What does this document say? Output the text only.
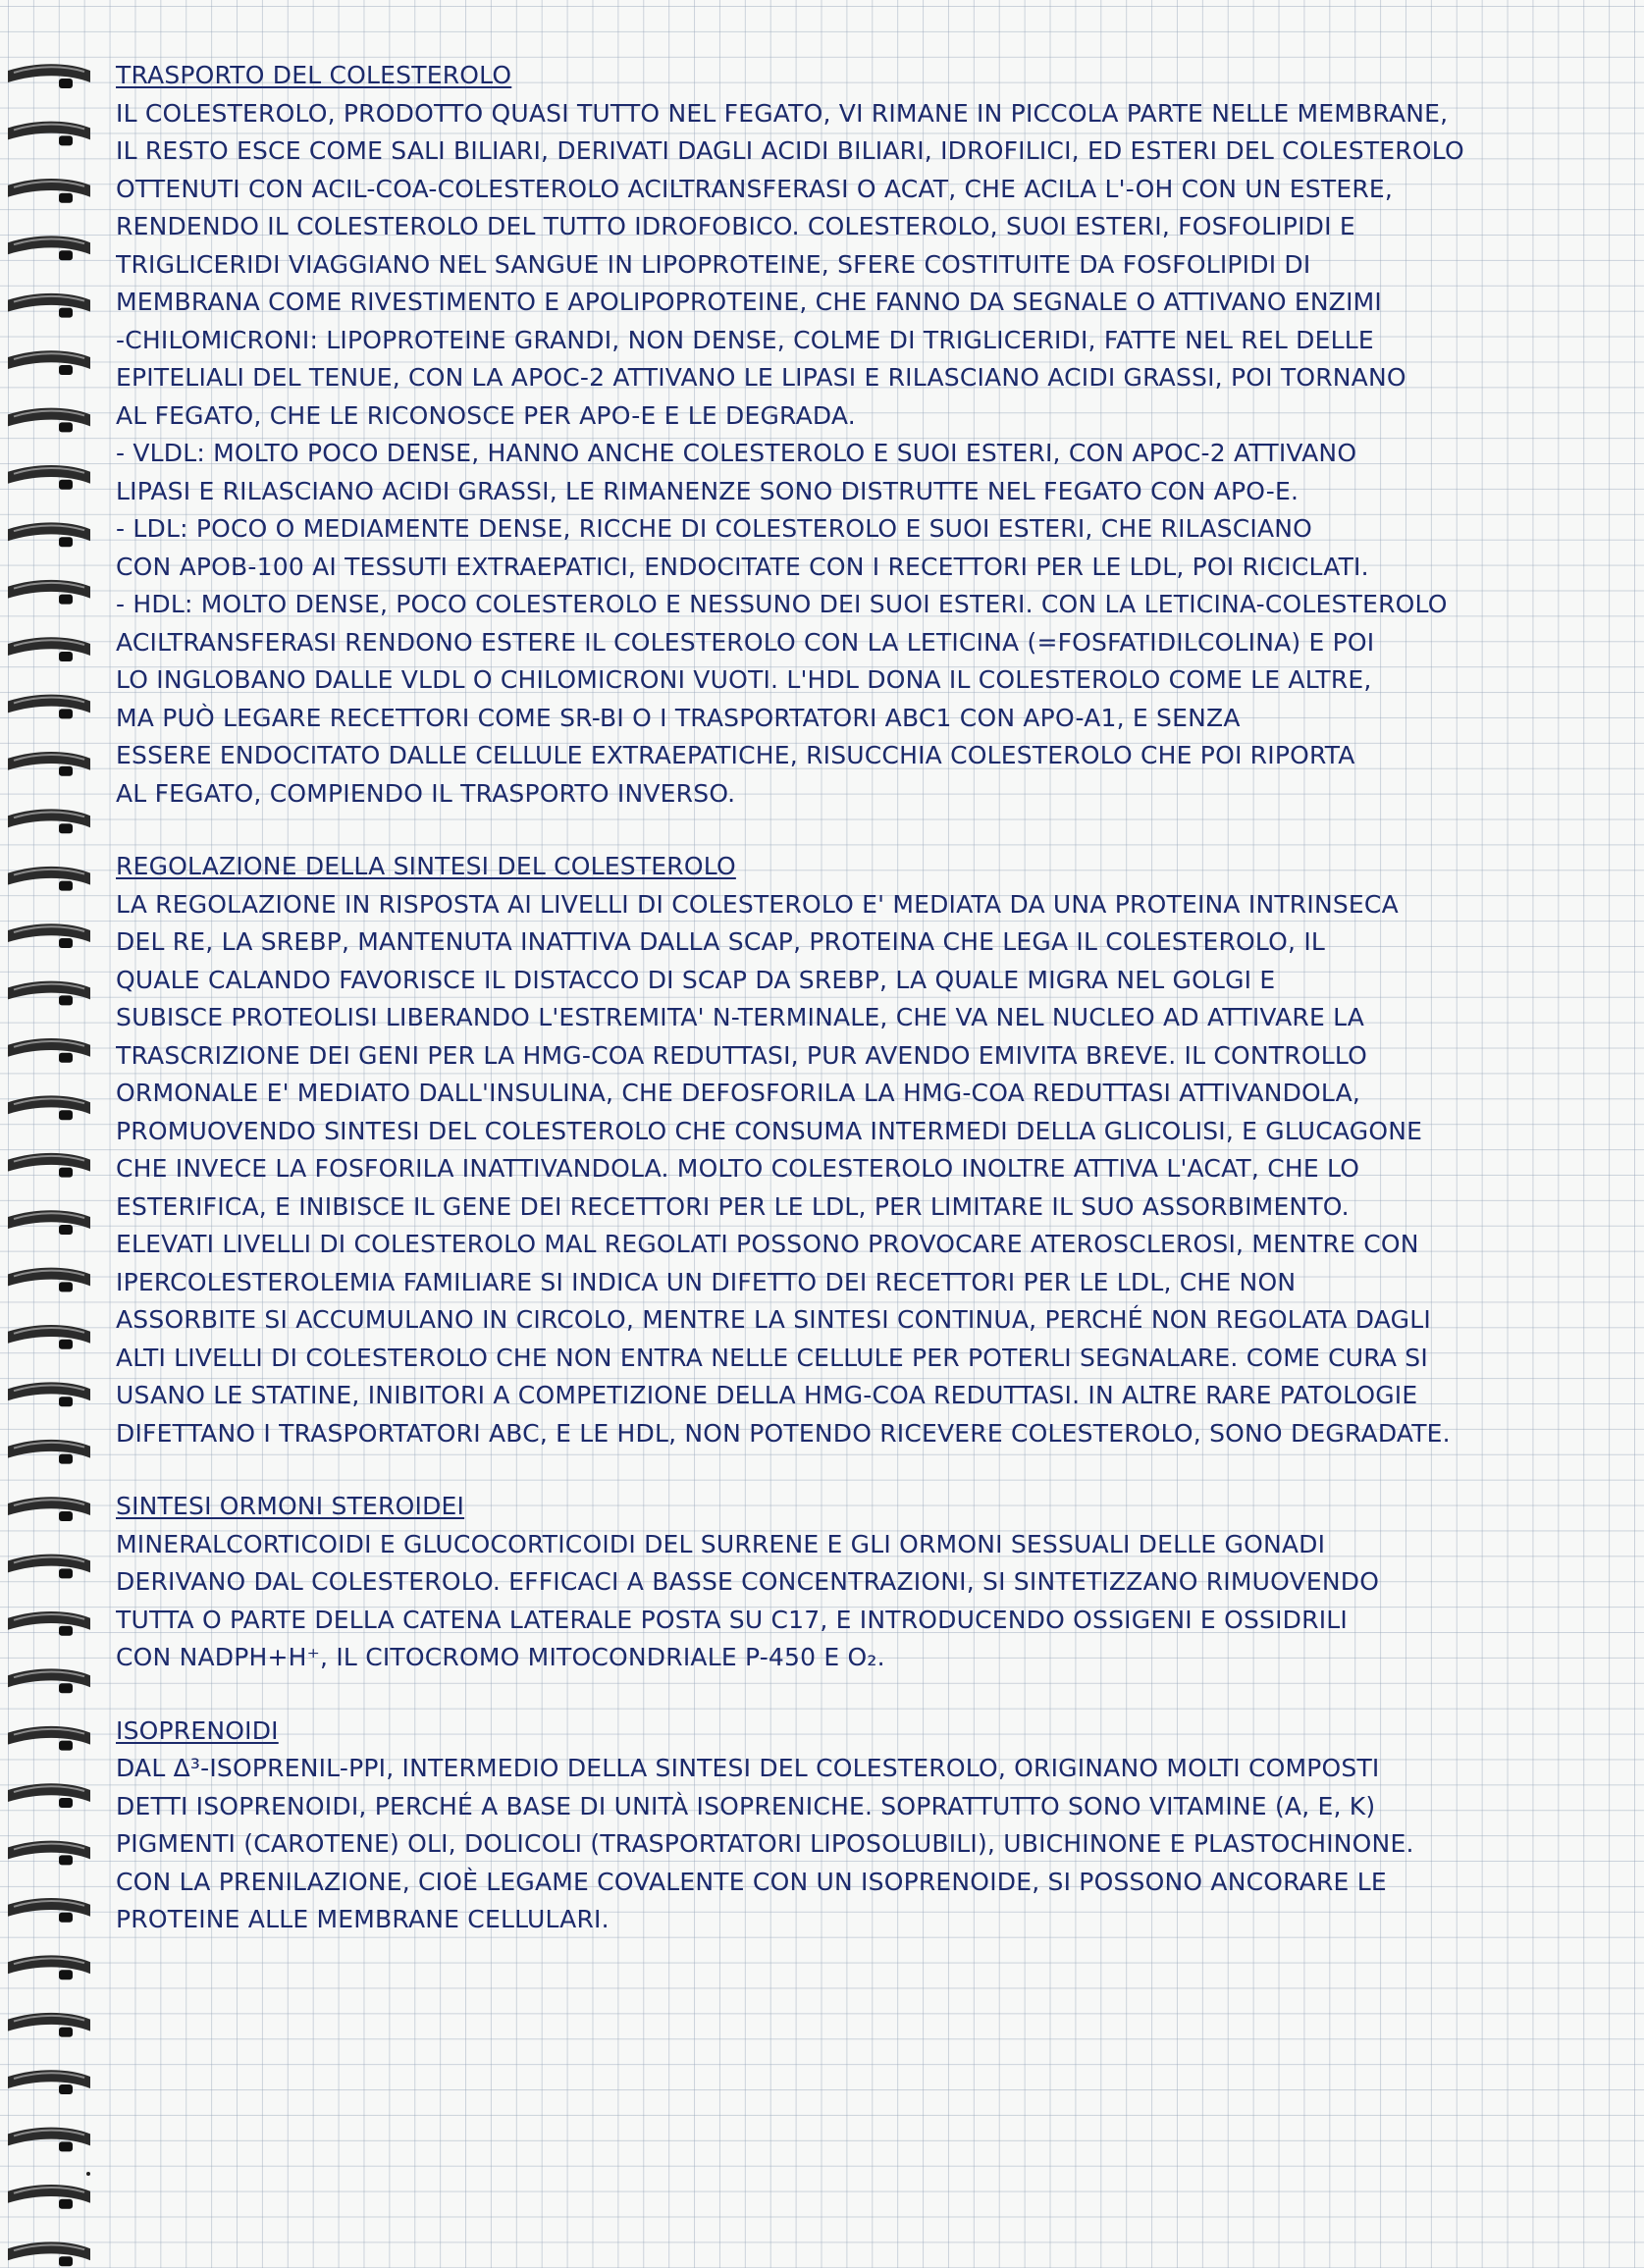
TRASPORTO DEL COLESTEROLO
IL COLESTEROLO, PRODOTTO QUASI TUTTO NEL FEGATO, VI RIMANE IN PICCOLA PARTE NELLE MEMBRANE,
IL RESTO ESCE COME SALI BILIARI, DERIVATI DAGLI ACIDI BILIARI, IDROFILICI, ED ESTERI DEL COLESTEROLO
OTTENUTI CON ACIL-COA-COLESTEROLO ACILTRANSFERASI O ACAT, CHE ACILA L'-OH CON UN ESTERE,
RENDENDO IL COLESTEROLO DEL TUTTO IDROFOBICO. COLESTEROLO, SUOI ESTERI, FOSFOLIPIDI E
TRIGLICERIDI VIAGGIANO NEL SANGUE IN LIPOPROTEINE, SFERE COSTITUITE DA FOSFOLIPIDI DI
MEMBRANA COME RIVESTIMENTO E APOLIPOPROTEINE, CHE FANNO DA SEGNALE O ATTIVANO ENZIMI
-CHILOMICRONI: LIPOPROTEINE GRANDI, NON DENSE, COLME DI TRIGLICERIDI, FATTE NEL REL DELLE
EPITELIALI DEL TENUE, CON LA APOC-2 ATTIVANO LE LIPASI E RILASCIANO ACIDI GRASSI, POI TORNANO
AL FEGATO, CHE LE RICONOSCE PER APO-E E LE DEGRADA.
- VLDL: MOLTO POCO DENSE, HANNO ANCHE COLESTEROLO E SUOI ESTERI, CON APOC-2 ATTIVANO
LIPASI E RILASCIANO ACIDI GRASSI, LE RIMANENZE SONO DISTRUTTE NEL FEGATO CON APO-E.
- LDL: POCO O MEDIAMENTE DENSE, RICCHE DI COLESTEROLO E SUOI ESTERI, CHE RILASCIANO
CON APOB-100 AI TESSUTI EXTRAEPATICI, ENDOCITATE CON I RECETTORI PER LE LDL, POI RICICLATI.
- HDL: MOLTO DENSE, POCO COLESTEROLO E NESSUNO DEI SUOI ESTERI. CON LA LETICINA-COLESTEROLO
ACILTRANSFERASI RENDONO ESTERE IL COLESTEROLO CON LA LETICINA (=FOSFATIDILCOLINA) E POI
LO INGLOBANO DALLE VLDL O CHILOMICRONI VUOTI. L'HDL DONA IL COLESTEROLO COME LE ALTRE,
MA PUÒ LEGARE RECETTORI COME SR-BI O I TRASPORTATORI ABC1 CON APO-A1, E SENZA
ESSERE ENDOCITATO DALLE CELLULE EXTRAEPATICHE, RISUCCHIA COLESTEROLO CHE POI RIPORTA
AL FEGATO, COMPIENDO IL TRASPORTO INVERSO.
REGOLAZIONE DELLA SINTESI DEL COLESTEROLO
LA REGOLAZIONE IN RISPOSTA AI LIVELLI DI COLESTEROLO E' MEDIATA DA UNA PROTEINA INTRINSECA
DEL RE, LA SREBP, MANTENUTA INATTIVA DALLA SCAP, PROTEINA CHE LEGA IL COLESTEROLO, IL
QUALE CALANDO FAVORISCE IL DISTACCO DI SCAP DA SREBP, LA QUALE MIGRA NEL GOLGI E
SUBISCE PROTEOLISI LIBERANDO L'ESTREMITA' N-TERMINALE, CHE VA NEL NUCLEO AD ATTIVARE LA
TRASCRIZIONE DEI GENI PER LA HMG-COA REDUTTASI, PUR AVENDO EMIVITA BREVE. IL CONTROLLO
ORMONALE E' MEDIATO DALL'INSULINA, CHE DEFOSFORILA LA HMG-COA REDUTTASI ATTIVANDOLA,
PROMUOVENDO SINTESI DEL COLESTEROLO CHE CONSUMA INTERMEDI DELLA GLICOLISI, E GLUCAGONE
CHE INVECE LA FOSFORILA INATTIVANDOLA. MOLTO COLESTEROLO INOLTRE ATTIVA L'ACAT, CHE LO
ESTERIFICA, E INIBISCE IL GENE DEI RECETTORI PER LE LDL, PER LIMITARE IL SUO ASSORBIMENTO.
ELEVATI LIVELLI DI COLESTEROLO MAL REGOLATI POSSONO PROVOCARE ATEROSCLEROSI, MENTRE CON
IPERCOLESTEROLEMIA FAMILIARE SI INDICA UN DIFETTO DEI RECETTORI PER LE LDL, CHE NON
ASSORBITE SI ACCUMULANO IN CIRCOLO, MENTRE LA SINTESI CONTINUA, PERCHÉ NON REGOLATA DAGLI
ALTI LIVELLI DI COLESTEROLO CHE NON ENTRA NELLE CELLULE PER POTERLI SEGNALARE. COME CURA SI
USANO LE STATINE, INIBITORI A COMPETIZIONE DELLA HMG-COA REDUTTASI. IN ALTRE RARE PATOLOGIE
DIFETTANO I TRASPORTATORI ABC, E LE HDL, NON POTENDO RICEVERE COLESTEROLO, SONO DEGRADATE.
SINTESI ORMONI STEROIDEI
MINERALCORTICOIDI E GLUCOCORTICOIDI DEL SURRENE E GLI ORMONI SESSUALI DELLE GONADI
DERIVANO DAL COLESTEROLO. EFFICACI A BASSE CONCENTRAZIONI, SI SINTETIZZANO RIMUOVENDO
TUTTA O PARTE DELLA CATENA LATERALE POSTA SU C17, E INTRODUCENDO OSSIGENI E OSSIDRILI
CON NADPH+H⁺, IL CITOCROMO MITOCONDRIALE P-450 E O₂.
ISOPRENOIDI
DAL Δ³-ISOPRENIL-PPI, INTERMEDIO DELLA SINTESI DEL COLESTEROLO, ORIGINANO MOLTI COMPOSTI
DETTI ISOPRENOIDI, PERCHÉ A BASE DI UNITÀ ISOPRENICHE. SOPRATTUTTO SONO VITAMINE (A, E, K)
PIGMENTI (CAROTENE) OLI, DOLICOLI (TRASPORTATORI LIPOSOLUBILI), UBICHINONE E PLASTOCHINONE.
CON LA PRENILAZIONE, CIOÈ LEGAME COVALENTE CON UN ISOPRENOIDE, SI POSSONO ANCORARE LE
PROTEINE ALLE MEMBRANE CELLULARI.
